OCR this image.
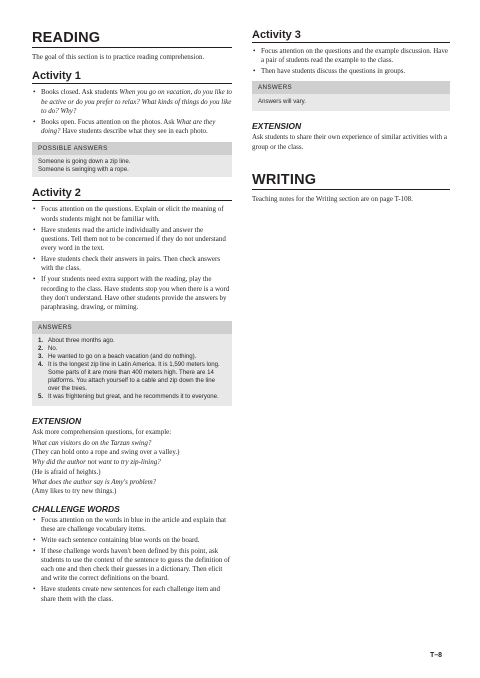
READING

The goal of this section is to practice reading comprehension.

Activity 1
• Books closed. Ask students When you go on vacation, do you like to be active or do you prefer to relax? What kinds of things do you like to do? Why?
• Books open. Focus attention on the photos. Ask What are they doing? Have students describe what they see in each photo.
POSSIBLE ANSWERS
Someone is going down a zip line.
Someone is swinging with a rope.
Activity 2
• Focus attention on the questions. Explain or elicit the meaning of words students might not be familiar with.
• Have students read the article individually and answer the questions. Tell them not to be concerned if they do not understand every word in the text.
• Have students check their answers in pairs. Then check answers with the class.
• If your students need extra support with the reading, play the recording to the class. Have students stop you when there is a word they don't understand. Have other students provide the answers by paraphrasing, drawing, or miming.
ANSWERS
1. About three months ago.
2. No.
3. He wanted to go on a beach vacation (and do nothing).
4. It is the longest zip line in Latin America. It is 1,590 meters long. Some parts of it are more than 400 meters high. There are 14 platforms. You attach yourself to a cable and zip down the line over the trees.
5. It was frightening but great, and he recommends it to everyone.
EXTENSION

Ask more comprehension questions, for example:

What can visitors do on the Tarzan swing?
(They can hold onto a rope and swing over a valley.)

Why did the author not want to try zip-lining?
(He is afraid of heights.)

What does the author say is Amy's problem?
(Amy likes to try new things.)

CHALLENGE WORDS
• Focus attention on the words in blue in the article and explain that these are challenge vocabulary items.
• Write each sentence containing blue words on the board.
• If these challenge words haven't been defined by this point, ask students to use the context of the sentence to guess the definition of each one and then check their guesses in a dictionary. Then elicit and write the correct definitions on the board.
• Have students create new sentences for each challenge item and share them with the class.
Activity 3
• Focus attention on the questions and the example discussion. Have a pair of students read the example to the class.
• Then have students discuss the questions in groups.
ANSWERS
Answers will vary.
EXTENSION

Ask students to share their own experience of similar activities with a group or the class.

WRITING

Teaching notes for the Writing section are on page T-108.

T–8
